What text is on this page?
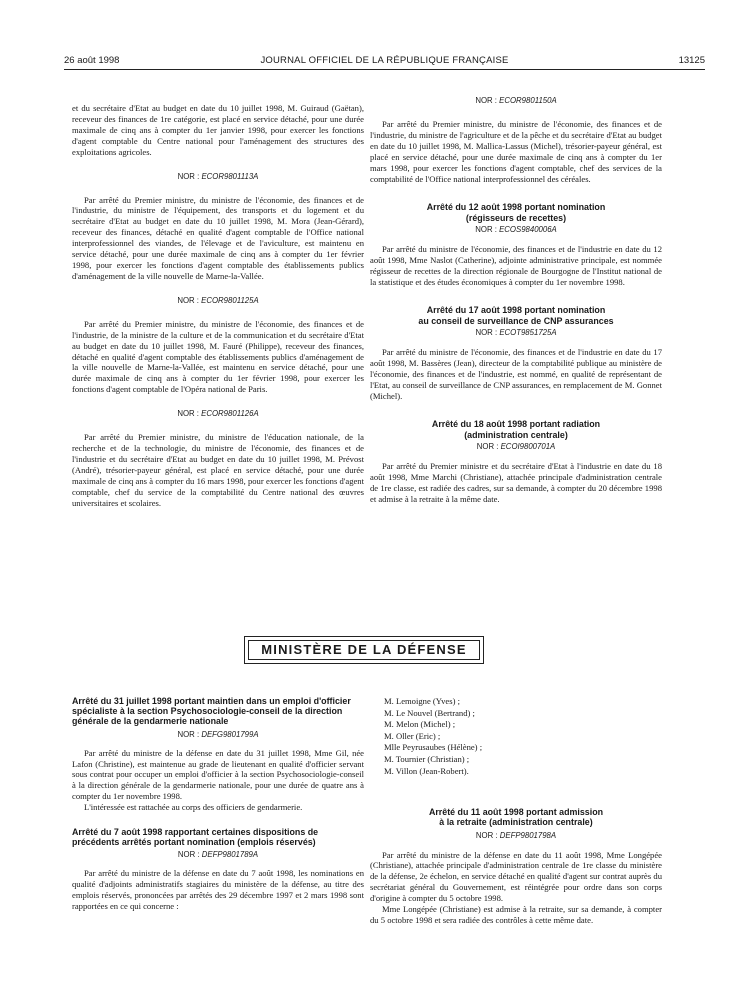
26 août 1998	JOURNAL OFFICIEL DE LA RÉPUBLIQUE FRANÇAISE	13125

et du secrétaire d'Etat au budget en date du 10 juillet 1998, M. Guiraud (Gaëtan), receveur des finances de 1re catégorie, est placé en service détaché, pour une durée maximale de cinq ans à compter du 1er janvier 1998, pour exercer les fonctions d'agent comptable du Centre national pour l'aménagement des structures des exploitations agricoles.

NOR : ECOR9801113A

Par arrêté du Premier ministre, du ministre de l'économie, des finances et de l'industrie, du ministre de l'équipement, des transports et du logement et du secrétaire d'Etat au budget en date du 10 juillet 1998, M. Mora (Jean-Gérard), receveur des finances, détaché en qualité d'agent comptable de l'Office national interprofessionnel des viandes, de l'élevage et de l'aviculture, est maintenu en service détaché, pour une durée maximale de cinq ans à compter du 1er février 1998, pour exercer les fonctions d'agent comptable des établissements publics d'aménagement de la ville nouvelle de Marne-la-Vallée.

NOR : ECOR9801125A

Par arrêté du Premier ministre, du ministre de l'économie, des finances et de l'industrie, de la ministre de la culture et de la communication et du secrétaire d'Etat au budget en date du 10 juillet 1998, M. Fauré (Philippe), receveur des finances, détaché en qualité d'agent comptable des établissements publics d'aménagement de la ville nouvelle de Marne-la-Vallée, est maintenu en service détaché, pour une durée maximale de cinq ans à compter du 1er février 1998, pour exercer les fonctions d'agent comptable de l'Opéra national de Paris.

NOR : ECOR9801126A

Par arrêté du Premier ministre, du ministre de l'éducation nationale, de la recherche et de la technologie, du ministre de l'économie, des finances et de l'industrie et du secrétaire d'Etat au budget en date du 10 juillet 1998, M. Prévost (André), trésorier-payeur général, est placé en service détaché, pour une durée maximale de cinq ans à compter du 16 mars 1998, pour exercer les fonctions d'agent comptable, chef du service de la comptabilité du Centre national des œuvres universitaires et scolaires.

NOR : ECOR9801150A

Par arrêté du Premier ministre, du ministre de l'économie, des finances et de l'industrie, du ministre de l'agriculture et de la pêche et du secrétaire d'Etat au budget en date du 10 juillet 1998, M. Mallica-Lassus (Michel), trésorier-payeur général, est placé en service détaché, pour une durée maximale de cinq ans à compter du 1er mars 1998, pour exercer les fonctions d'agent comptable, chef des services de la comptabilité de l'Office national interprofessionnel des céréales.

Arrêté du 12 août 1998 portant nomination
(régisseurs de recettes)

NOR : ECOS9840006A

Par arrêté du ministre de l'économie, des finances et de l'industrie en date du 12 août 1998, Mme Naslot (Catherine), adjointe administrative principale, est nommée régisseur de recettes de la direction régionale de Bourgogne de l'Institut national de la statistique et des études économiques à compter du 1er novembre 1998.

Arrêté du 17 août 1998 portant nomination
au conseil de surveillance de CNP assurances

NOR : ECOT9851725A

Par arrêté du ministre de l'économie, des finances et de l'industrie en date du 17 août 1998, M. Bassères (Jean), directeur de la comptabilité publique au ministère de l'économie, des finances et de l'industrie, est nommé, en qualité de représentant de l'Etat, au conseil de surveillance de CNP assurances, en remplacement de M. Gonnet (Michel).

Arrêté du 18 août 1998 portant radiation
(administration centrale)

NOR : ECOI9800701A

Par arrêté du Premier ministre et du secrétaire d'Etat à l'industrie en date du 18 août 1998, Mme Marchi (Christiane), attachée principale d'administration centrale de 1re classe, est radiée des cadres, sur sa demande, à compter du 20 décembre 1998 et admise à la retraite à la même date.

MINISTÈRE DE LA DÉFENSE

Arrêté du 31 juillet 1998 portant maintien dans un emploi d'officier spécialiste à la section Psychosociologie-conseil de la direction générale de la gendarmerie nationale

NOR : DEFG9801799A

Par arrêté du ministre de la défense en date du 31 juillet 1998, Mme Gil, née Lafon (Christine), est maintenue au grade de lieutenant en qualité d'officier servant sous contrat pour occuper un emploi d'officier à la section Psychosociologie-conseil à la direction générale de la gendarmerie nationale, pour une durée de quatre ans à compter du 1er novembre 1998.

L'intéressée est rattachée au corps des officiers de gendarmerie.

Arrêté du 7 août 1998 rapportant certaines dispositions de précédents arrêtés portant nomination (emplois réservés)

NOR : DEFP9801789A

Par arrêté du ministre de la défense en date du 7 août 1998, les nominations en qualité d'adjoints administratifs stagiaires du ministère de la défense, au titre des emplois réservés, prononcées par arrêtés des 29 décembre 1997 et 2 mars 1998 sont rapportées en ce qui concerne :

M. Lemoigne (Yves) ;
M. Le Nouvel (Bertrand) ;
M. Melon (Michel) ;
M. Oller (Eric) ;
Mlle Peyrusaubes (Hélène) ;
M. Tournier (Christian) ;
M. Villon (Jean-Robert).

Arrêté du 11 août 1998 portant admission
à la retraite (administration centrale)

NOR : DEFP9801798A

Par arrêté du ministre de la défense en date du 11 août 1998, Mme Longépée (Christiane), attachée principale d'administration centrale de 1re classe du ministère de la défense, 2e échelon, en service détaché en qualité d'agent sur contrat auprès du secrétariat général du Gouvernement, est réintégrée pour ordre dans son corps d'origine à compter du 5 octobre 1998.

Mme Longépée (Christiane) est admise à la retraite, sur sa demande, à compter du 5 octobre 1998 et sera radiée des contrôles à cette même date.
